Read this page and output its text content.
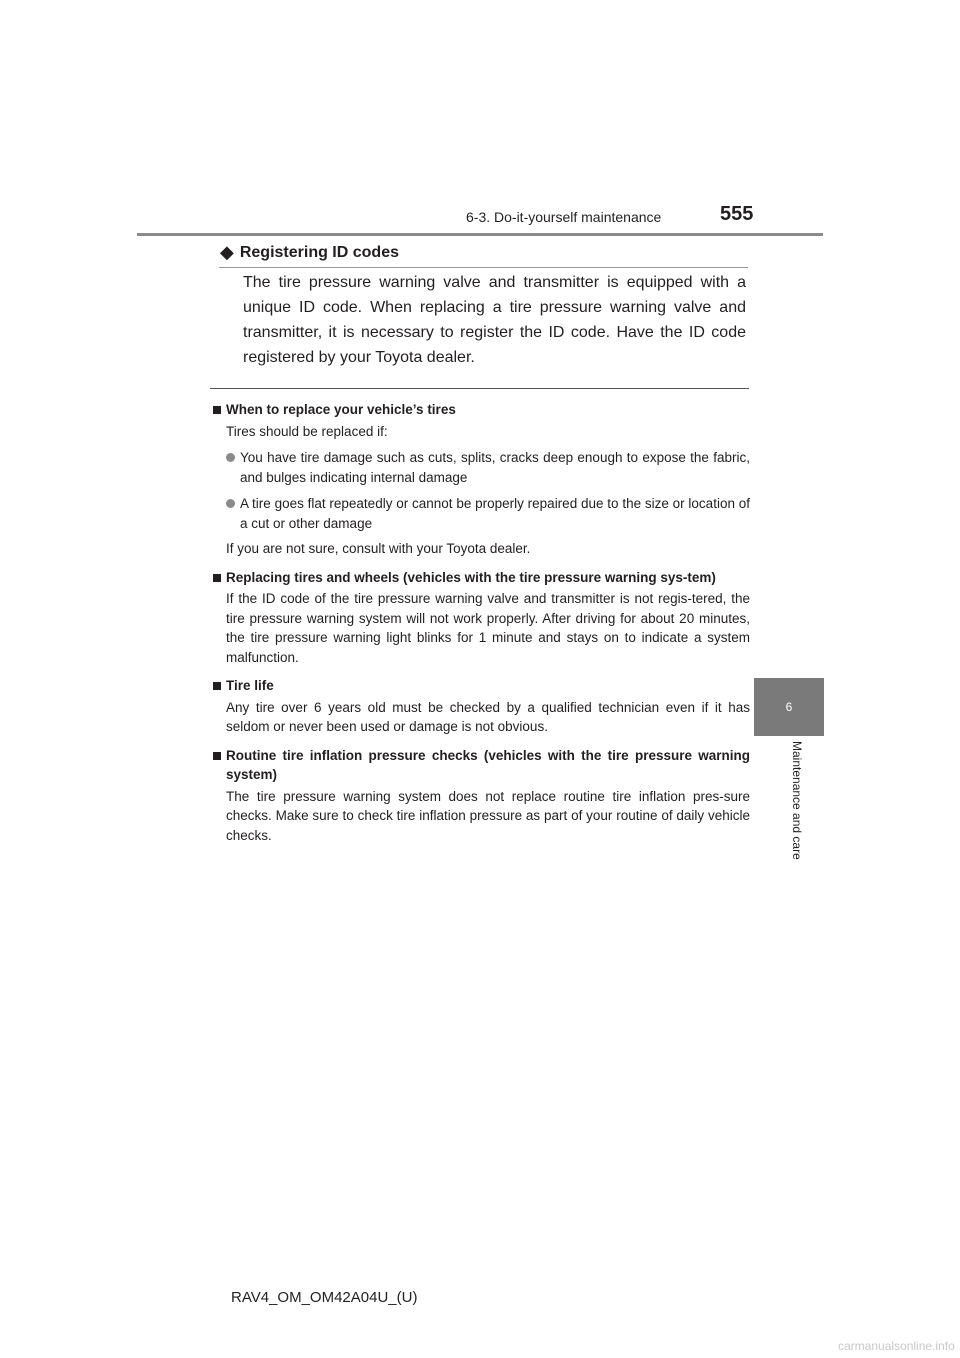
6-3. Do-it-yourself maintenance	555
6
Maintenance and care
◆ Registering ID codes
The tire pressure warning valve and transmitter is equipped with a unique ID code. When replacing a tire pressure warning valve and transmitter, it is necessary to register the ID code. Have the ID code registered by your Toyota dealer.
When to replace your vehicle’s tires

Tires should be replaced if:

You have tire damage such as cuts, splits, cracks deep enough to expose the fabric, and bulges indicating internal damage
A tire goes flat repeatedly or cannot be properly repaired due to the size or location of a cut or other damage

If you are not sure, consult with your Toyota dealer.

Replacing tires and wheels (vehicles with the tire pressure warning sys-tem)

If the ID code of the tire pressure warning valve and transmitter is not regis-tered, the tire pressure warning system will not work properly. After driving for about 20 minutes, the tire pressure warning light blinks for 1 minute and stays on to indicate a system malfunction.

Tire life

Any tire over 6 years old must be checked by a qualified technician even if it has seldom or never been used or damage is not obvious.

Routine tire inflation pressure checks (vehicles with the tire pressure warning system)

The tire pressure warning system does not replace routine tire inflation pres-sure checks. Make sure to check tire inflation pressure as part of your routine of daily vehicle checks.

RAV4_OM_OM42A04U_(U)
carmanualsonline.info
